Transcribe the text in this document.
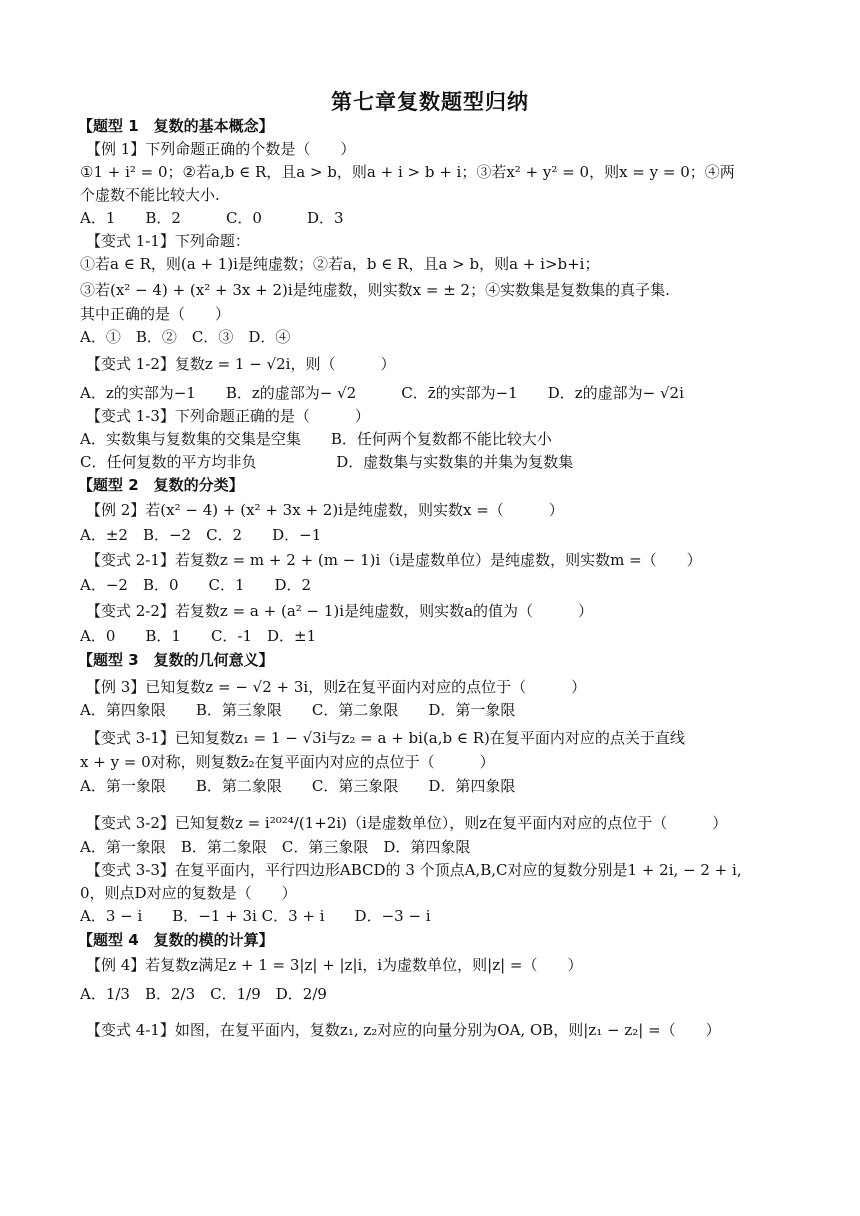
第七章复数题型归纳
【题型 1　复数的基本概念】
【例 1】下列命题正确的个数是（　　）
①1 + i² = 0；②若a,b ∈ R，且a > b，则a + i > b + i；③若x² + y² = 0，则x = y = 0；④两
个虚数不能比较大小.
A．1　　B．2　　　C．0　　　D．3
【变式 1-1】下列命题：
①若a ∈ R，则(a + 1)i是纯虚数；②若a，b ∈ R，且a > b，则a + i>b+i；
③若(x² − 4) + (x² + 3x + 2)i是纯虚数，则实数x = ± 2；④实数集是复数集的真子集.
其中正确的是（　　）
A．①　B．②　C．③　D．④
【变式 1-2】复数z = 1 − √2i，则（　　　）
A．z的实部为−1　　B．z的虚部为− √2　　　C．z̄的实部为−1　　D．z的虚部为− √2i
【变式 1-3】下列命题正确的是（　　　）
A．实数集与复数集的交集是空集　　B．任何两个复数都不能比较大小
C．任何复数的平方均非负　　　　　 D．虚数集与实数集的并集为复数集
【题型 2　复数的分类】
【例 2】若(x² − 4) + (x² + 3x + 2)i是纯虚数，则实数x =（　　　）
A．±2　B．−2　C．2　　D．−1
【变式 2-1】若复数z = m + 2 + (m − 1)i（i是虚数单位）是纯虚数，则实数m =（　　）
A．−2　B．0　　C．1　　D．2
【变式 2-2】若复数z = a + (a² − 1)i是纯虚数，则实数a的值为（　　　）
A．0　　B．1　　C．-1　D．±1
【题型 3　复数的几何意义】
【例 3】已知复数z = − √2 + 3i，则z̄在复平面内对应的点位于（　　　）
A．第四象限　　B．第三象限　　C．第二象限　　D．第一象限
【变式 3-1】已知复数z₁ = 1 − √3i与z₂ = a + bi(a,b ∈ R)在复平面内对应的点关于直线
x + y = 0对称，则复数z̄₂在复平面内对应的点位于（　　　）
A．第一象限　　B．第二象限　　C．第三象限　　D．第四象限
【变式 3-2】已知复数z = i²⁰²⁴/(1+2i)（i是虚数单位），则z在复平面内对应的点位于（　　　）
A．第一象限　B．第二象限　C．第三象限　D．第四象限
【变式 3-3】在复平面内，平行四边形ABCD的 3 个顶点A,B,C对应的复数分别是1 + 2i, − 2 + i,
0，则点D对应的复数是（　　）
A．3 − i　　B．−1 + 3i C．3 + i　　D．−3 − i
【题型 4　复数的模的计算】
【例 4】若复数z满足z + 1 = 3|z| + |z|i，i为虚数单位，则|z| =（　　）
A．1/3　B．2/3　C．1/9　D．2/9
【变式 4-1】如图，在复平面内，复数z₁, z₂对应的向量分别为OA, OB，则|z₁ − z₂| =（　　）
